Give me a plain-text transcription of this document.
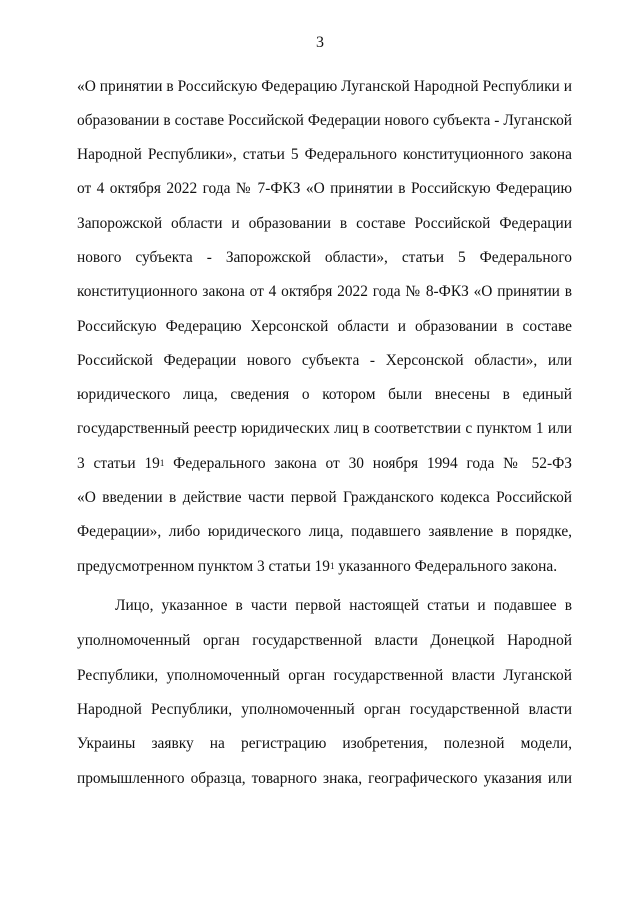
3
«О принятии в Российскую Федерацию Луганской Народной Республики и
образовании в составе Российской Федерации нового субъекта - Луганской
Народной Республики», статьи 5 Федерального конституционного закона
от 4 октября 2022 года № 7-ФКЗ «О принятии в Российскую Федерацию
Запорожской области и образовании в составе Российской Федерации
нового субъекта - Запорожской области», статьи 5 Федерального
конституционного закона от 4 октября 2022 года № 8-ФКЗ «О принятии в
Российскую Федерацию Херсонской области и образовании в составе
Российской Федерации нового субъекта - Херсонской области», или
юридического лица, сведения о котором были внесены в единый
государственный реестр юридических лиц в соответствии с пунктом 1 или
3 статьи $19^1$ Федерального закона от 30 ноября 1994 года № 52-ФЗ
«О введении в действие части первой Гражданского кодекса Российской
Федерации», либо юридического лица, подавшего заявление в порядке,
предусмотренном пунктом 3 статьи $19^1$ указанного Федерального закона.
Лицо, указанное в части первой настоящей статьи и подавшее в
уполномоченный орган государственной власти Донецкой Народной
Республики, уполномоченный орган государственной власти Луганской
Народной Республики, уполномоченный орган государственной власти
Украины заявку на регистрацию изобретения, полезной модели,
промышленного образца, товарного знака, географического указания или
